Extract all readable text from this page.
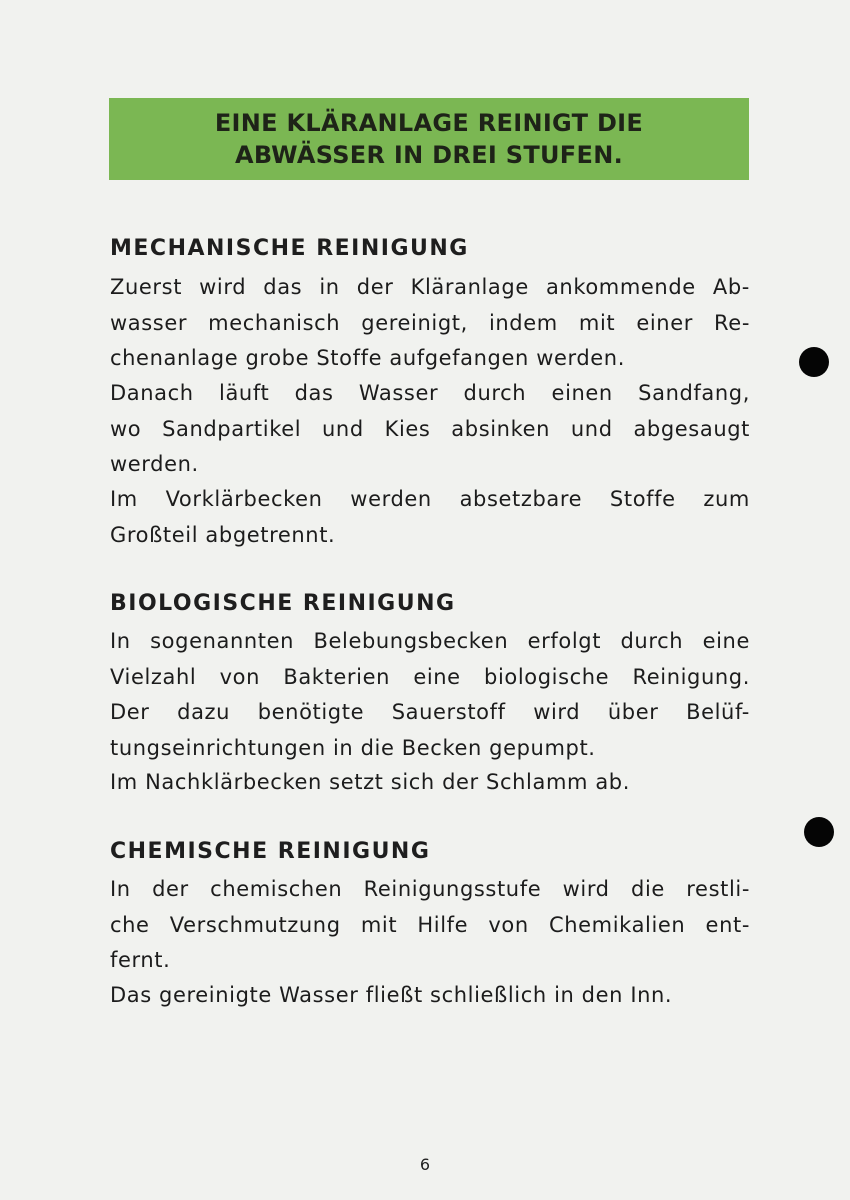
EINE KLÄRANLAGE REINIGT DIE
ABWÄSSER IN DREI STUFEN.
MECHANISCHE REINIGUNG
Zuerst wird das in der Kläranlage ankommende Ab-
wasser mechanisch gereinigt, indem mit einer Re-
chenanlage grobe Stoffe aufgefangen werden.
Danach läuft das Wasser durch einen Sandfang,
wo Sandpartikel und Kies absinken und abgesaugt
werden.
Im Vorklärbecken werden absetzbare Stoffe zum
Großteil abgetrennt.
BIOLOGISCHE REINIGUNG
In sogenannten Belebungsbecken erfolgt durch eine
Vielzahl von Bakterien eine biologische Reinigung.
Der dazu benötigte Sauerstoff wird über Belüf-
tungseinrichtungen in die Becken gepumpt.
Im Nachklärbecken setzt sich der Schlamm ab.
CHEMISCHE REINIGUNG
In der chemischen Reinigungsstufe wird die restli-
che Verschmutzung mit Hilfe von Chemikalien ent-
fernt.
Das gereinigte Wasser fließt schließlich in den Inn.
6
